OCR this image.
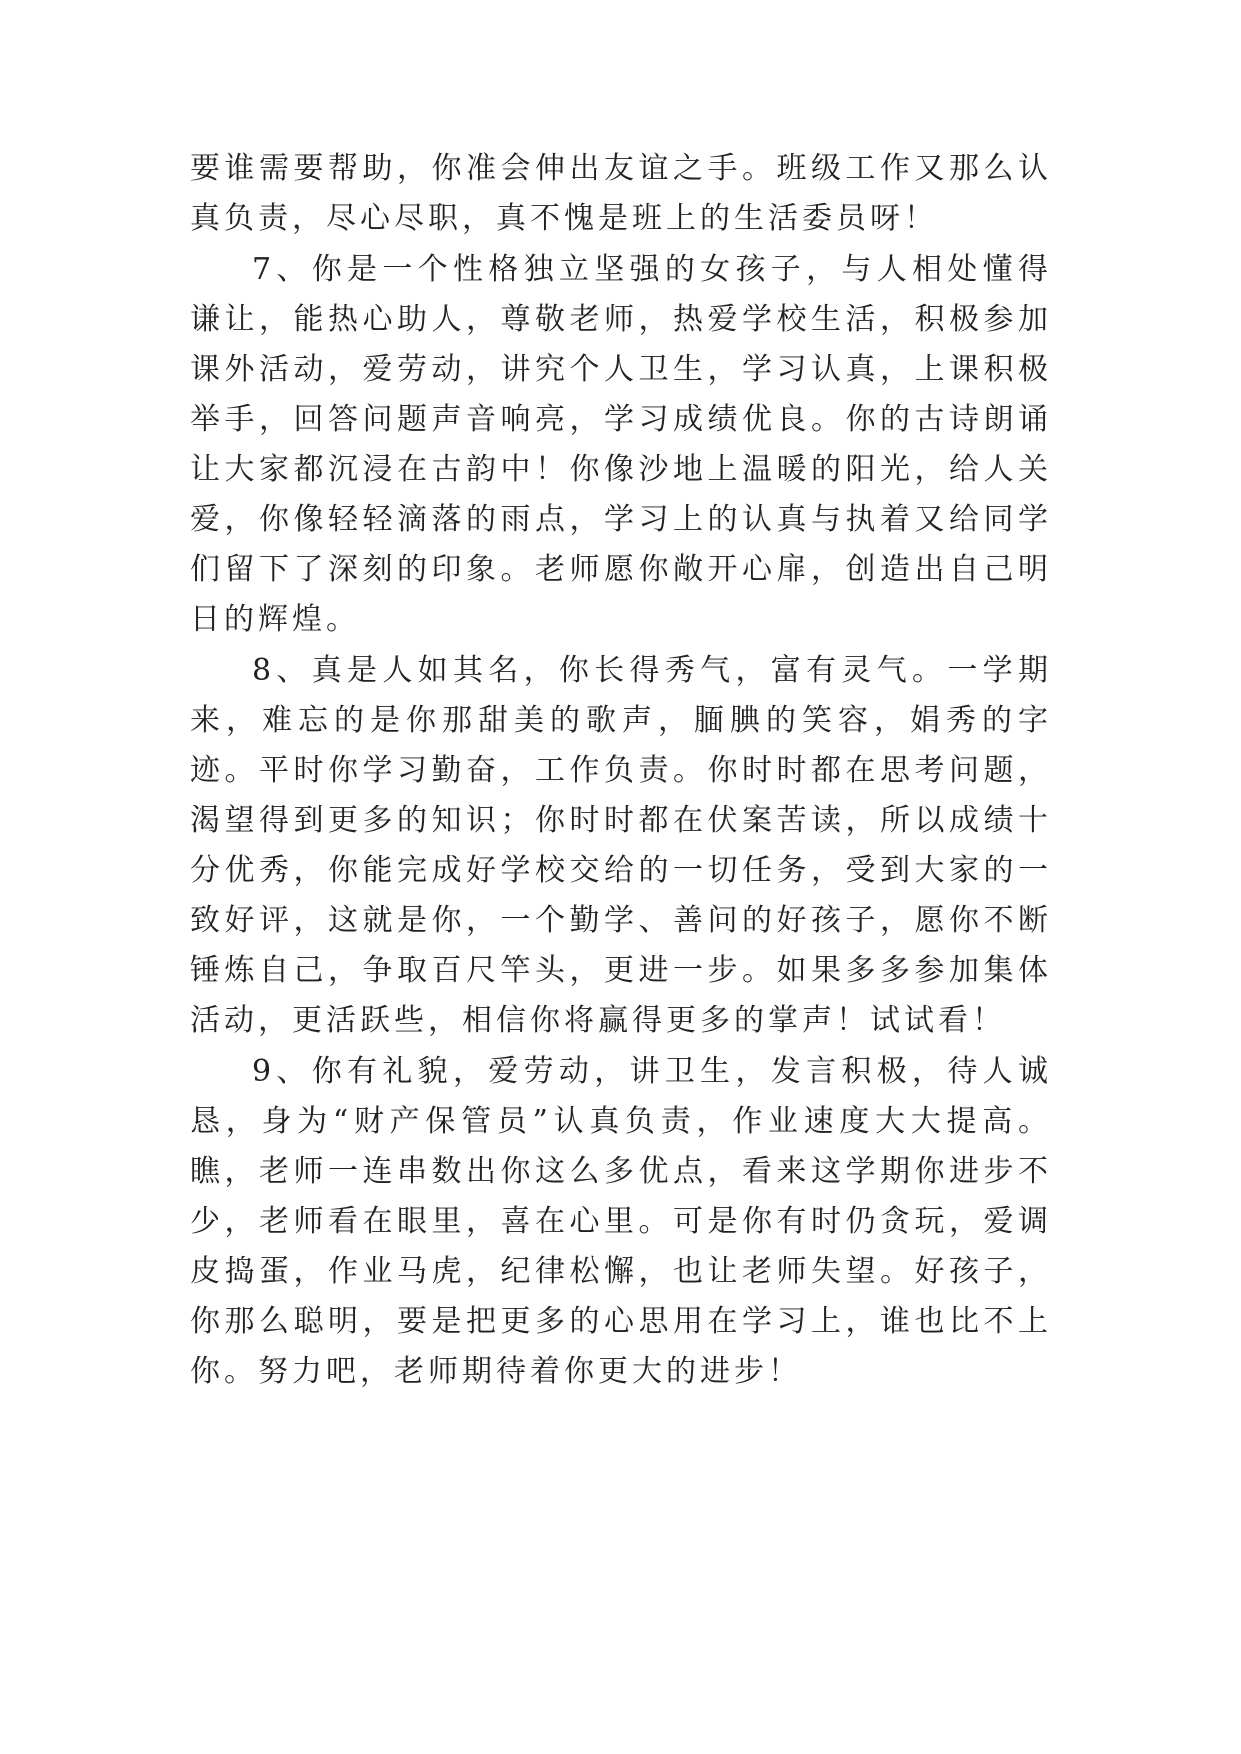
要谁需要帮助，你准会伸出友谊之手。班级工作又那么认真负责，尽心尽职，真不愧是班上的生活委员呀！

7、你是一个性格独立坚强的女孩子，与人相处懂得谦让，能热心助人，尊敬老师，热爱学校生活，积极参加课外活动，爱劳动，讲究个人卫生，学习认真，上课积极举手，回答问题声音响亮，学习成绩优良。你的古诗朗诵让大家都沉浸在古韵中！你像沙地上温暖的阳光，给人关爱，你像轻轻滴落的雨点，学习上的认真与执着又给同学们留下了深刻的印象。老师愿你敞开心扉，创造出自己明日的辉煌。

8、真是人如其名，你长得秀气，富有灵气。一学期来，难忘的是你那甜美的歌声，腼腆的笑容，娟秀的字迹。平时你学习勤奋，工作负责。你时时都在思考问题，渴望得到更多的知识；你时时都在伏案苦读，所以成绩十分优秀，你能完成好学校交给的一切任务，受到大家的一致好评，这就是你，一个勤学、善问的好孩子，愿你不断锤炼自己，争取百尺竿头，更进一步。如果多多参加集体活动，更活跃些，相信你将赢得更多的掌声！试试看！

9、你有礼貌，爱劳动，讲卫生，发言积极，待人诚恳，身为“财产保管员”认真负责，作业速度大大提高。瞧，老师一连串数出你这么多优点，看来这学期你进步不少，老师看在眼里，喜在心里。可是你有时仍贪玩，爱调皮捣蛋，作业马虎，纪律松懈，也让老师失望。好孩子，你那么聪明，要是把更多的心思用在学习上，谁也比不上你。努力吧，老师期待着你更大的进步！
